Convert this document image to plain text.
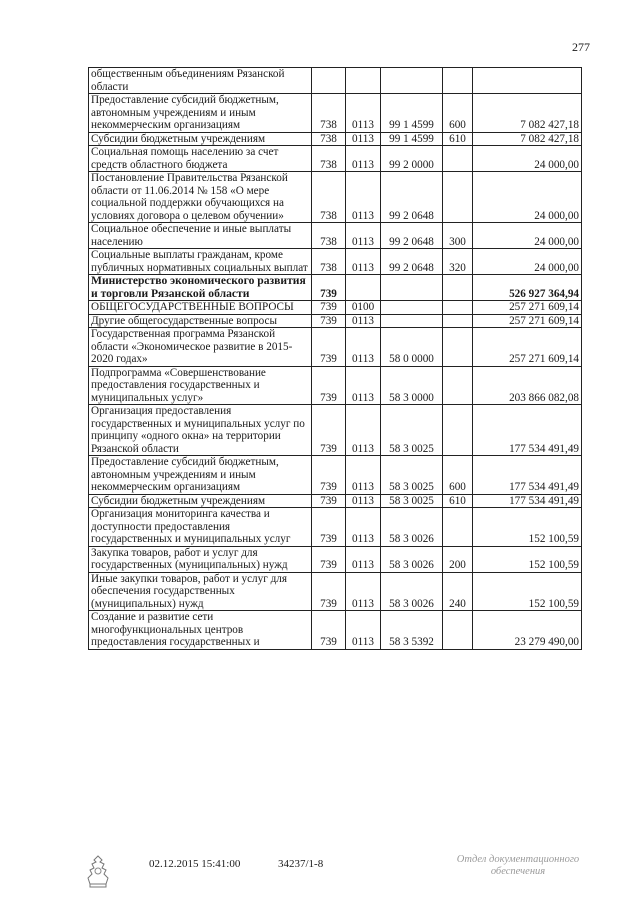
277
общественным объединениям Рязанской области					
Предоставление субсидий бюджетным, автономным учреждениям и иным некоммерческим организациям	738	0113	99 1 4599	600	7 082 427,18
Субсидии бюджетным учреждениям	738	0113	99 1 4599	610	7 082 427,18
Социальная помощь населению за счет средств областного бюджета	738	0113	99 2 0000		24 000,00
Постановление Правительства Рязанской области от 11.06.2014 № 158 «О мере социальной поддержки обучающихся на условиях договора о целевом обучении»	738	0113	99 2 0648		24 000,00
Социальное обеспечение и иные выплаты населению	738	0113	99 2 0648	300	24 000,00
Социальные выплаты гражданам, кроме публичных нормативных социальных выплат	738	0113	99 2 0648	320	24 000,00
Министерство экономического развития и торговли Рязанской области	739				526 927 364,94
ОБЩЕГОСУДАРСТВЕННЫЕ ВОПРОСЫ	739	0100			257 271 609,14
Другие общегосударственные вопросы	739	0113			257 271 609,14
Государственная программа Рязанской области «Экономическое развитие в 2015-2020 годах»	739	0113	58 0 0000		257 271 609,14
Подпрограмма «Совершенствование предоставления государственных и муниципальных услуг»	739	0113	58 3 0000		203 866 082,08
Организация предоставления государственных и муниципальных услуг по принципу «одного окна» на территории Рязанской области	739	0113	58 3 0025		177 534 491,49
Предоставление субсидий бюджетным, автономным учреждениям и иным некоммерческим организациям	739	0113	58 3 0025	600	177 534 491,49
Субсидии бюджетным учреждениям	739	0113	58 3 0025	610	177 534 491,49
Организация мониторинга качества и доступности предоставления государственных и муниципальных услуг	739	0113	58 3 0026		152 100,59
Закупка товаров, работ и услуг для государственных (муниципальных) нужд	739	0113	58 3 0026	200	152 100,59
Иные закупки товаров, работ и услуг для обеспечения государственных (муниципальных) нужд	739	0113	58 3 0026	240	152 100,59
Создание и развитие сети многофункциональных центров предоставления государственных и	739	0113	58 3 5392		23 279 490,00
02.12.2015 15:41:00	34237/1-8	Отдел документационного
обеспечения
